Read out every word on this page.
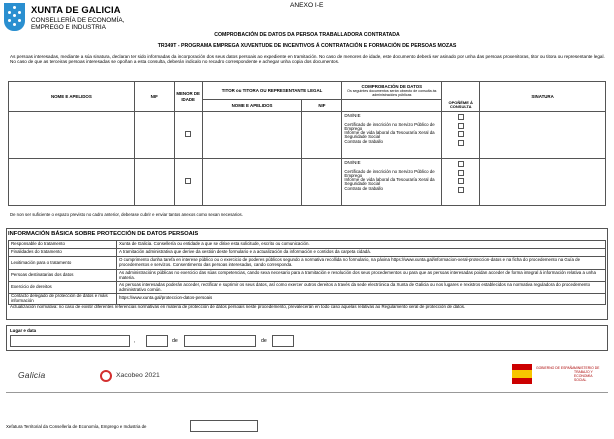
XUNTA DE GALICIA
CONSELLERÍA DE ECONOMÍA,
EMPREGO E INDUSTRIA
ANEXO I-E
COMPROBACIÓN DE DATOS DA PERSOA TRABALLADORA CONTRATADA
TR349T - PROGRAMA EMPREGA XUVENTUDE DE INCENTIVOS Á CONTRATACIÓN E FORMACIÓN DE PERSOAS MOZAS
As persoas interesadas, mediante a súa sinatura, declaran ter sido informadas da incorporación dos seus datos persoais ao expediente en tramitación. No caso de menores de idade, este documento deberá ser asinado por unha das persoas proxenitoras, titor ou titora ou representante legal. No caso de que as terceiras persoas interesadas se opoñan a esta consulta, deberán indicalo no recadro correspondente e achegar unha copia dos documentos.
NOME E APELIDOS	NIF	MENOR DE IDADE	TITOR ou TITORA OU REPRESENTANTE LEGAL		COMPROBACIÓN DE DATOS
Os seguintes documentos serán obxecto de consulta ás administracións públicas		SINATURA
			NOME E APELIDOS	NIF		OPOÑÉME Á CONSULTA	

					DNI/NIE
Certificado de inscrición no Servizo Público de Emprego
Informe de vida laboral da Tesouraría Xeral da Seguridade Social
Contrato de traballo		

					DNI/NIE
Certificado de inscrición no Servizo Público de Emprego
Informe de vida laboral da Tesouraría Xeral da Seguridade Social
Contrato de traballo		

De non ser suficiente o espazo previsto no cadro anterior, deberase cubrir e enviar tantos anexos como sexan necesarios.
INFORMACIÓN BÁSICA SOBRE PROTECCIÓN DE DATOS PERSOAIS
Responsable do tratamento	Xunta de Galicia. Consellería ou entidade a que se dirixe esta solicitude, escrito ou comunicación.
Finalidades do tratamento	A tramitación administrativa que derive da xestión deste formulario e a actualización da información e contidos da carpeta cidadá.
Lexitimación para o tratamento	O cumprimento dunha tarefa en interese público ou o exercicio de poderes públicos segundo a normativa recollida no formulario, na páxina https://www.xunta.gal/informacion-xeral-proteccion-datos e na ficha do procedemento na Guía de procedementos e servizos. Consentimento das persoas interesadas, cando corresponda.
Persoas destinatarias dos datos	As administracións públicas no exercicio das súas competencias, cando sexa necesario para a tramitación e resolución dos seus procedementos ou para que as persoas interesadas poidan acceder de forma integral á información relativa a unha materia.
Exercicio de dereitos	As persoas interesadas poderán acceder, rectificar e suprimir os seus datos, así como exercer outros dereitos a través da sede electrónica da Xunta de Galicia ou nos lugares e rexistros establecidos na normativa reguladora do procedemento administrativo común.
Contacto delegado de protección de datos e máis información	https://www.xunta.gal/proteccion-datos-persoais
Actualización normativa: no caso de existir diferentes referencias normativas en materia de protección de datos persoais neste procedemento, prevalecerán en todo caso aquelas relativas ao Regulamento xeral de protección de datos.
Lugar e data
,	de	de
Galicia	Xacobeo 2021
GOBIERNO DE ESPAÑA MINISTERIO DE TRABAJO Y ECONOMÍA SOCIAL
Xefatura Territorial da Consellería de Economía, Emprego e Industria de
